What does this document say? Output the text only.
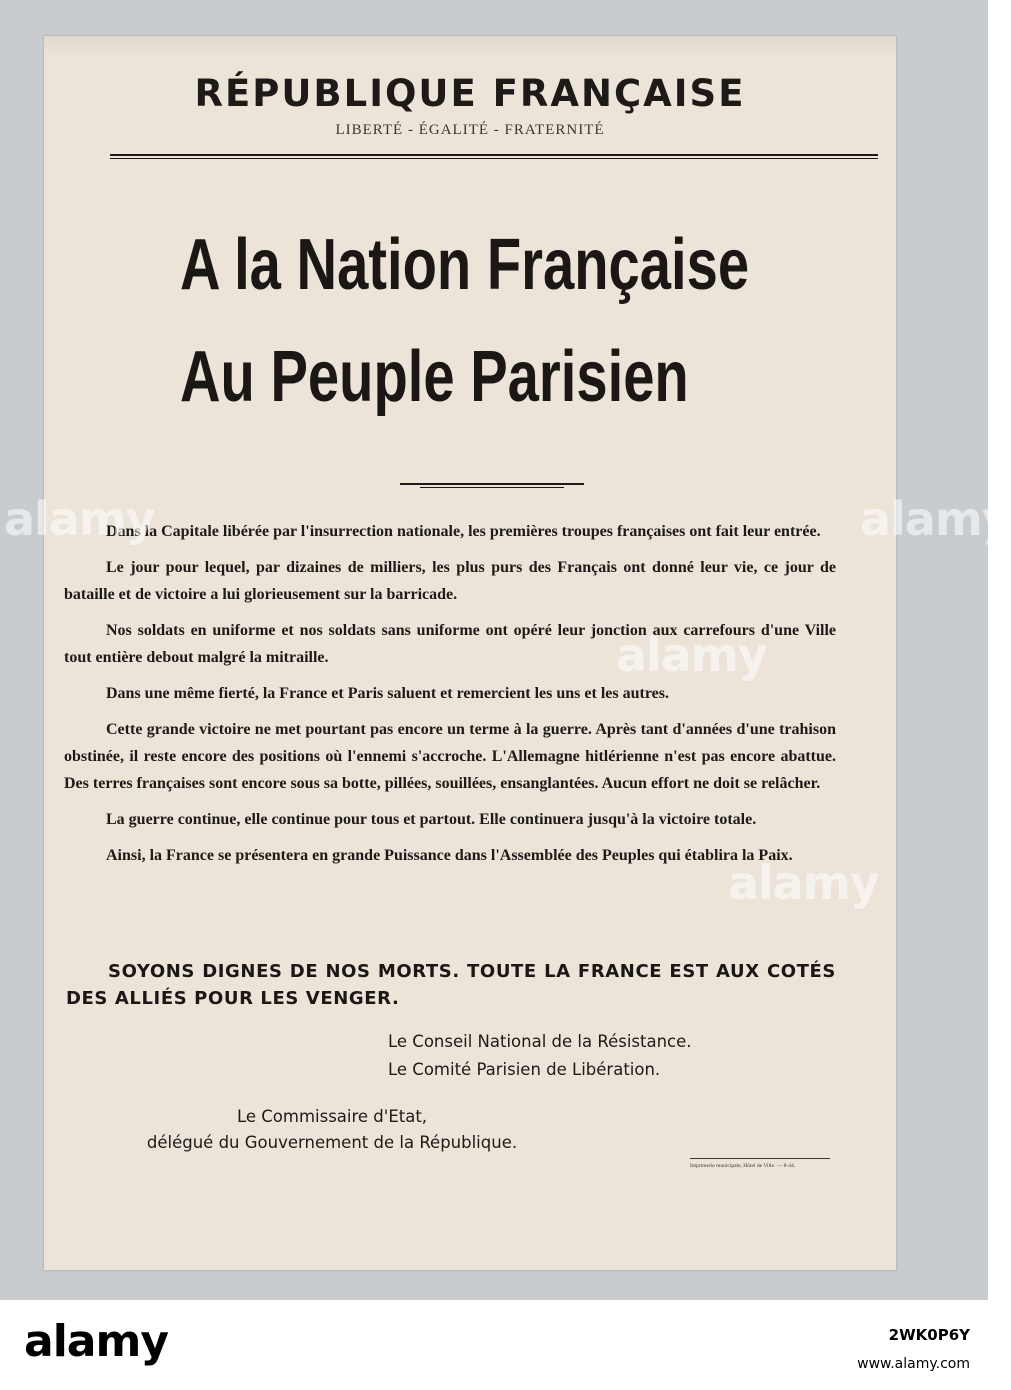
RÉPUBLIQUE FRANÇAISE
LIBERTÉ - ÉGALITÉ - FRATERNITÉ
A la Nation Française
Au Peuple Parisien

Dans la Capitale libérée par l'insurrection nationale, les premières troupes françaises ont fait leur entrée.

Le jour pour lequel, par dizaines de milliers, les plus purs des Français ont donné leur vie, ce jour de bataille et de victoire a lui glorieusement sur la barricade.

Nos soldats en uniforme et nos soldats sans uniforme ont opéré leur jonction aux carrefours d'une Ville tout entière debout malgré la mitraille.

Dans une même fierté, la France et Paris saluent et remercient les uns et les autres.

Cette grande victoire ne met pourtant pas encore un terme à la guerre. Après tant d'années d'une trahison obstinée, il reste encore des positions où l'ennemi s'accroche. L'Allemagne hitlérienne n'est pas encore abattue. Des terres françaises sont encore sous sa botte, pillées, souillées, ensanglantées. Aucun effort ne doit se relâcher.

La guerre continue, elle continue pour tous et partout. Elle continuera jusqu'à la victoire totale.

Ainsi, la France se présentera en grande Puissance dans l'Assemblée des Peuples qui établira la Paix.

SOYONS DIGNES DE NOS MORTS. TOUTE LA FRANCE EST AUX COTÉS DES ALLIÉS POUR LES VENGER.
Le Conseil National de la Résistance.
Le Comité Parisien de Libération.
Le Commissaire d'Etat,
délégué du Gouvernement de la République.
Imprimerie municipale, Hôtel de Ville. — 8-44.
alamy	alamy
alamy
alamy
alamy	2WK0P6Y
www.alamy.com
